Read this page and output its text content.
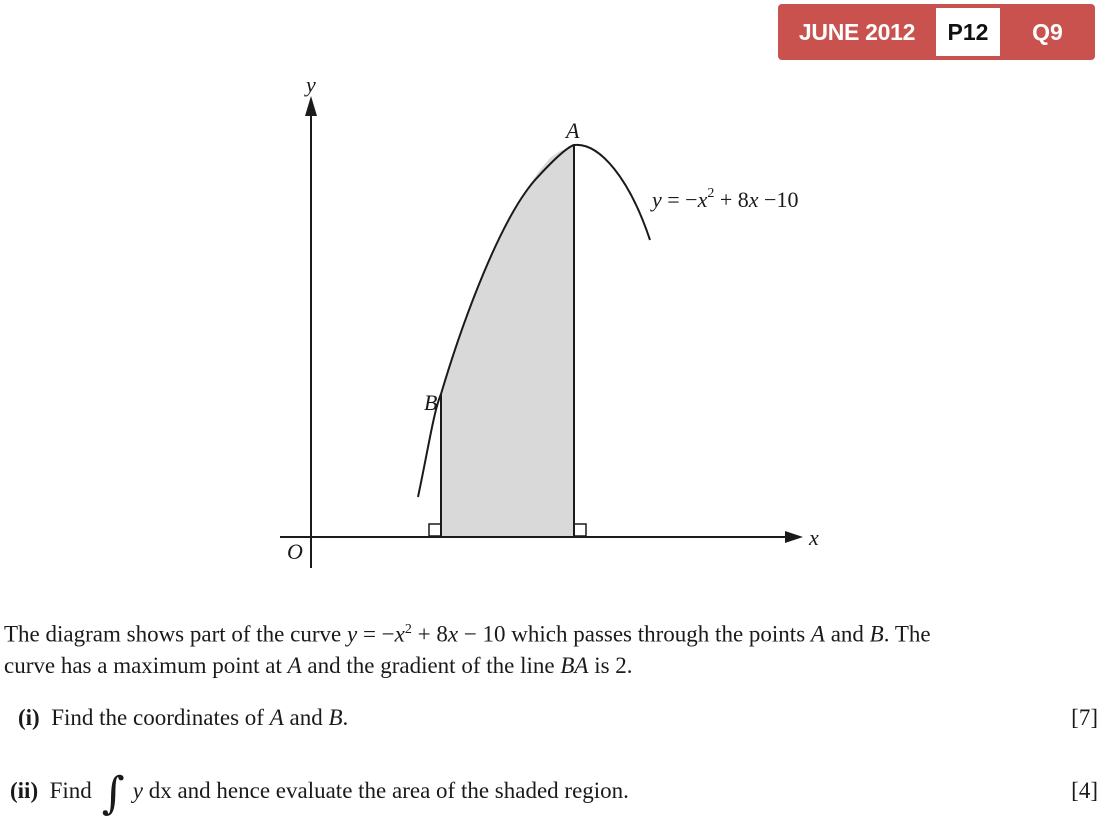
JUNE 2012	P12	Q9
y
x
O
A
B
$y = -x^2 + 8x -10$
The diagram shows part of the curve $y = -x^2 + 8x - 10$ which passes through the points A and B. The
curve has a maximum point at A and the gradient of the line BA is 2.
(i) Find the coordinates of A and B.	[7]
(ii) Find ∫ y dx and hence evaluate the area of the shaded region.	[4]
